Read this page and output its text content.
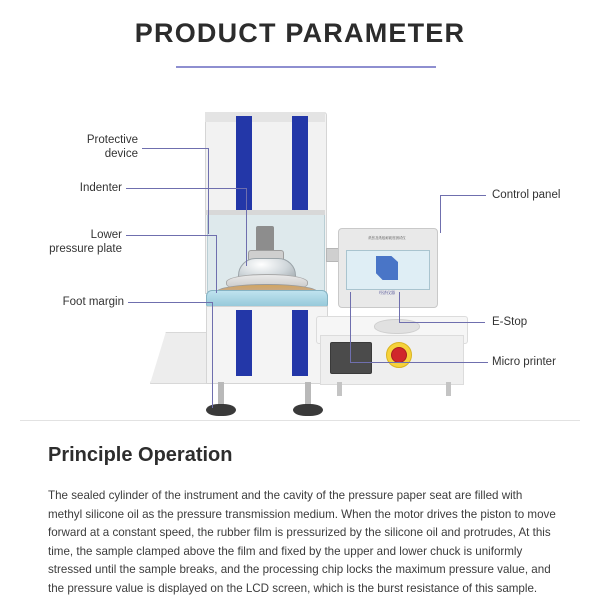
PRODUCT PARAMETER
纸张及纸板耐破度测试仪
经济仪器
Control panel
Protective
device
Indenter
Lower
pressure plate
Foot margin
E-Stop
Micro printer
Principle Operation
The sealed cylinder of the instrument and the cavity of the pressure paper seat are filled with methyl silicone oil as the pressure transmission medium. When the motor drives the piston to move forward at a constant speed, the rubber film is pressurized by the silicone oil and protrudes, At this time, the sample clamped above the film and fixed by the upper and lower chuck is uniformly stressed until the sample breaks, and the processing chip locks the maximum pressure value, and the pressure value is displayed on the LCD screen, which is the burst resistance of this sample.
